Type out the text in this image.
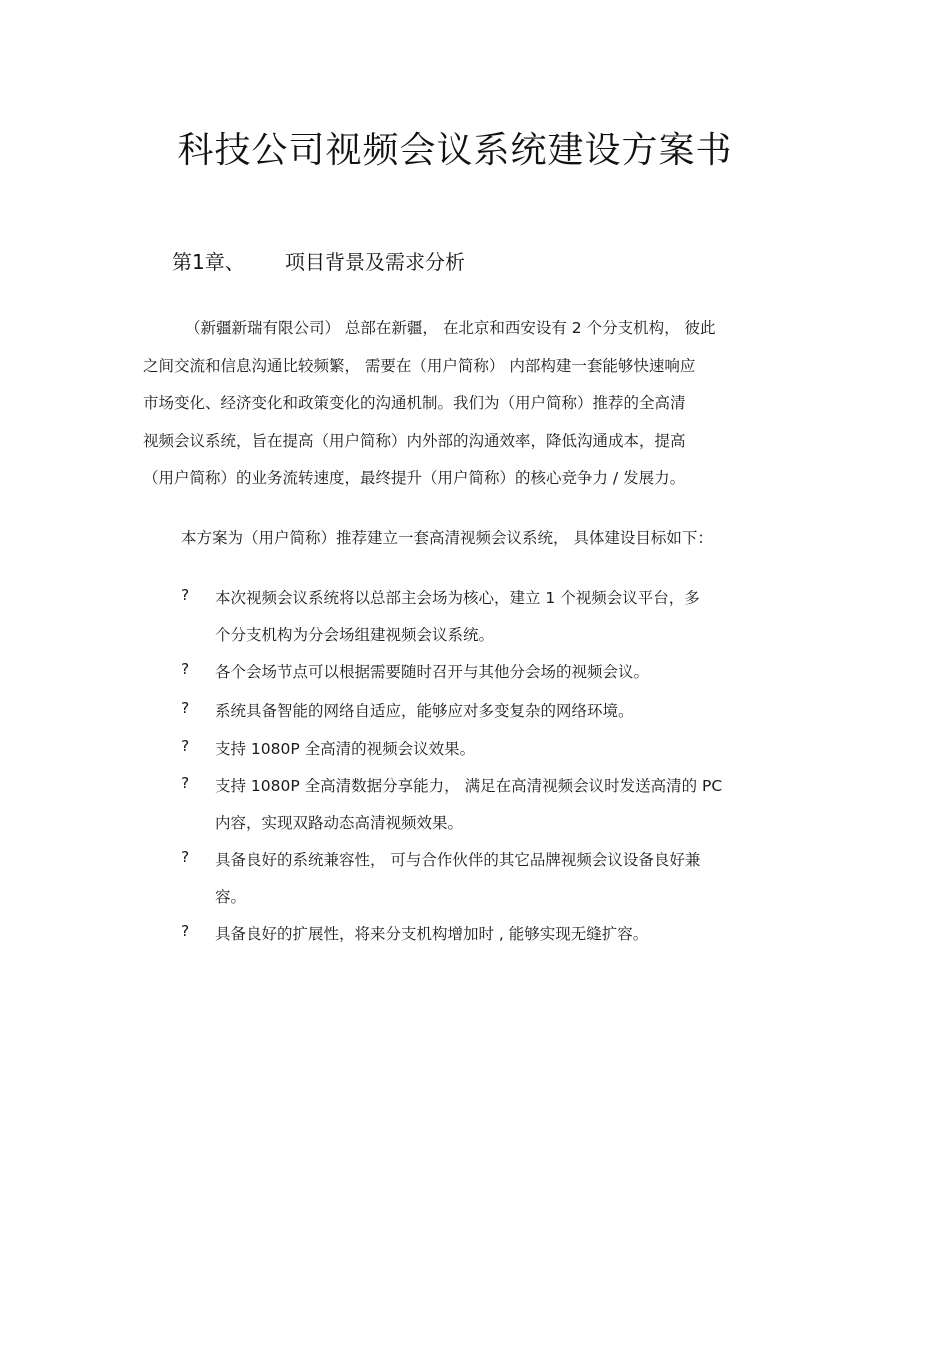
科技公司视频会议系统建设方案书
第1章、 项目背景及需求分析
（新疆新瑞有限公司） 总部在新疆， 在北京和西安设有 2 个分支机构， 彼此
之间交流和信息沟通比较频繁， 需要在（用户简称） 内部构建一套能够快速响应
市场变化、经济变化和政策变化的沟通机制。我们为（用户简称）推荐的全高清
视频会议系统，旨在提高（用户简称）内外部的沟通效率，降低沟通成本，提高
（用户简称）的业务流转速度，最终提升（用户简称）的核心竞争力 / 发展力。
本方案为（用户简称）推荐建立一套高清视频会议系统， 具体建设目标如下：
? 本次视频会议系统将以总部主会场为核心，建立 1 个视频会议平台，多
个分支机构为分会场组建视频会议系统。
? 各个会场节点可以根据需要随时召开与其他分会场的视频会议。
? 系统具备智能的网络自适应，能够应对多变复杂的网络环境。
? 支持 1080P 全高清的视频会议效果。
? 支持 1080P 全高清数据分享能力， 满足在高清视频会议时发送高清的 PC
内容，实现双路动态高清视频效果。
? 具备良好的系统兼容性， 可与合作伙伴的其它品牌视频会议设备良好兼
容。
? 具备良好的扩展性，将来分支机构增加时 , 能够实现无缝扩容。
